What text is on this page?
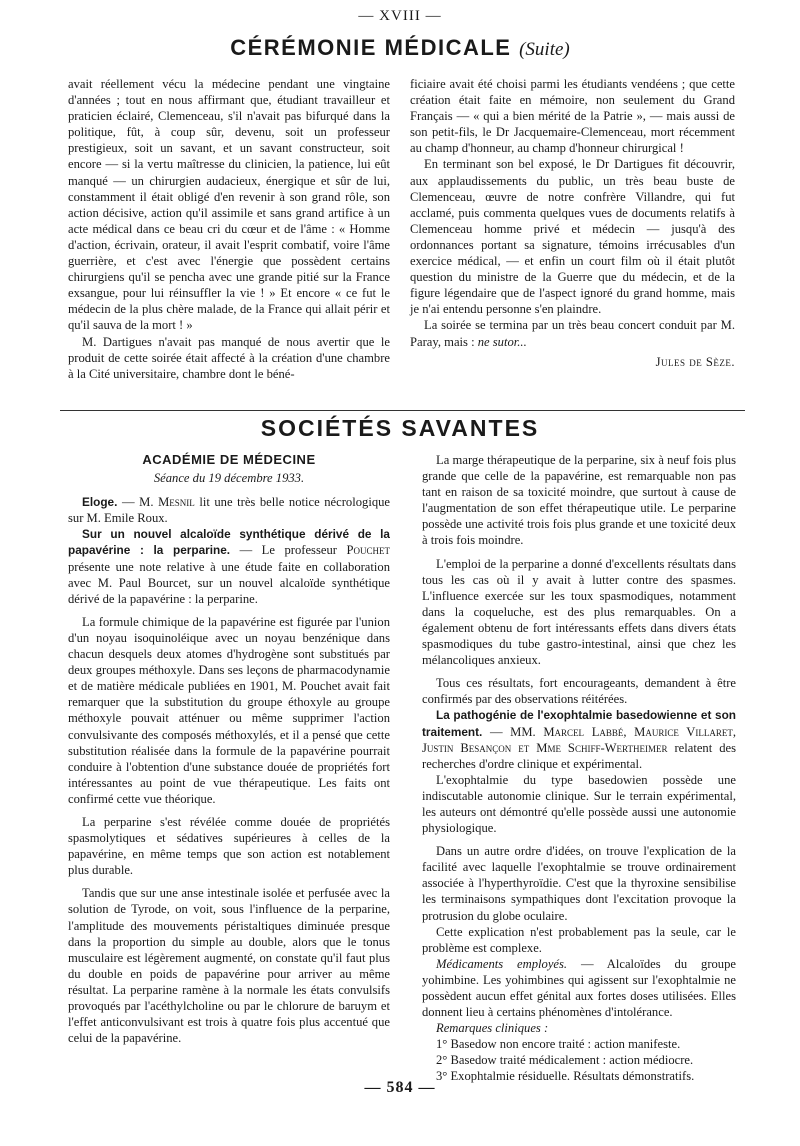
— XVIII —
CÉRÉMONIE MÉDICALE (Suite)

avait réellement vécu la médecine pendant une vingtaine d'années ; tout en nous affirmant que, étudiant travailleur et praticien éclairé, Clemenceau, s'il n'avait pas bifurqué dans la politique, fût, à coup sûr, devenu, soit un professeur prestigieux, soit un savant, et un savant constructeur, soit encore — si la vertu maîtresse du clinicien, la patience, lui eût manqué — un chirurgien audacieux, énergique et sûr de lui, constamment il était obligé d'en revenir à son grand rôle, son action décisive, action qu'il assimile et sans grand artifice à un acte médical dans ce beau cri du cœur et de l'âme : « Homme d'action, écrivain, orateur, il avait l'esprit combatif, voire l'âme guerrière, et c'est avec l'énergie que possèdent certains chirurgiens qu'il se pencha avec une grande pitié sur la France exsangue, pour lui réinsuffler la vie ! » Et encore « ce fut le médecin de la plus chère malade, de la France qui allait périr et qu'il sauva de la mort ! »

M. Dartigues n'avait pas manqué de nous avertir que le produit de cette soirée était affecté à la création d'une chambre à la Cité universitaire, chambre dont le béné-

ficiaire avait été choisi parmi les étudiants vendéens ; que cette création était faite en mémoire, non seulement du Grand Français — « qui a bien mérité de la Patrie », — mais aussi de son petit-fils, le Dr Jacquemaire-Clemenceau, mort récemment au champ d'honneur, au champ d'honneur chirurgical !

En terminant son bel exposé, le Dr Dartigues fit découvrir, aux applaudissements du public, un très beau buste de Clemenceau, œuvre de notre confrère Villandre, qui fut acclamé, puis commenta quelques vues de documents relatifs à Clemenceau homme privé et médecin — jusqu'à des ordonnances portant sa signature, témoins irrécusables d'un exercice médical, — et enfin un court film où il était plutôt question du ministre de la Guerre que du médecin, et de la figure légendaire que de l'aspect ignoré du grand homme, mais je n'ai entendu personne s'en plaindre.

La soirée se termina par un très beau concert conduit par M. Paray, mais : ne sutor...

Jules de Sèze.
SOCIÉTÉS SAVANTES
ACADÉMIE DE MÉDECINE
Séance du 19 décembre 1933.

Eloge. — M. Mesnil lit une très belle notice nécrologique sur M. Emile Roux.

Sur un nouvel alcaloïde synthétique dérivé de la papavérine : la perparine. — Le professeur Pouchet présente une note relative à une étude faite en collaboration avec M. Paul Bourcet, sur un nouvel alcaloïde synthétique dérivé de la papavérine : la perparine.

La formule chimique de la papavérine est figurée par l'union d'un noyau isoquinoléique avec un noyau benzénique dans chacun desquels deux atomes d'hydrogène sont substitués par deux groupes méthoxyle. Dans ses leçons de pharmacodynamie et de matière médicale publiées en 1901, M. Pouchet avait fait remarquer que la substitution du groupe éthoxyle au groupe méthoxyle pouvait atténuer ou même supprimer l'action convulsivante des composés méthoxylés, et il a pensé que cette substitution réalisée dans la formule de la papavérine pourrait conduire à l'obtention d'une substance douée de propriétés fort intéressantes au point de vue thérapeutique. Les faits ont confirmé cette vue théorique.

La perparine s'est révélée comme douée de propriétés spasmolytiques et sédatives supérieures à celles de la papavérine, en même temps que son action est notablement plus durable.

Tandis que sur une anse intestinale isolée et perfusée avec la solution de Tyrode, on voit, sous l'influence de la perparine, l'amplitude des mouvements péristaltiques diminuée presque dans la proportion du simple au double, alors que le tonus musculaire est légèrement augmenté, on constate qu'il faut plus du double en poids de papavérine pour arriver au même résultat. La perparine ramène à la normale les états convulsifs provoqués par l'acéthylcholine ou par le chlorure de baruym et l'effet anticonvulsivant est trois à quatre fois plus accentué que celui de la papavérine.

La marge thérapeutique de la perparine, six à neuf fois plus grande que celle de la papavérine, est remarquable non pas tant en raison de sa toxicité moindre, que surtout à cause de l'augmentation de son effet thérapeutique utile. Le perparine possède une activité trois fois plus grande et une toxicité deux à trois fois moindre.

L'emploi de la perparine a donné d'excellents résultats dans tous les cas où il y avait à lutter contre des spasmes. L'influence exercée sur les toux spasmodiques, notamment dans la coqueluche, est des plus remarquables. On a également obtenu de fort intéressants effets dans divers états spasmodiques du tube gastro-intestinal, ainsi que chez les mélancoliques anxieux.

Tous ces résultats, fort encourageants, demandent à être confirmés par des observations réitérées.

La pathogénie de l'exophtalmie basedowienne et son traitement. — MM. Marcel Labbé, Maurice Villaret, Justin Besançon et Mme Schiff-Wertheimer relatent des recherches d'ordre clinique et expérimental.

L'exophtalmie du type basedowien possède une indiscutable autonomie clinique. Sur le terrain expérimental, les auteurs ont démontré qu'elle possède aussi une autonomie physiologique.

Dans un autre ordre d'idées, on trouve l'explication de la facilité avec laquelle l'exophtalmie se trouve ordinairement associée à l'hyperthyroïdie. C'est que la thyroxine sensibilise les terminaisons sympathiques dont l'excitation provoque la protrusion du globe oculaire.

Cette explication n'est probablement pas la seule, car le problème est complexe.

Médicaments employés. — Alcaloïdes du groupe yohimbine. Les yohimbines qui agissent sur l'exophtalmie ne possèdent aucun effet génital aux fortes doses utilisées. Elles donnent lieu à certains phénomènes d'intolérance.

Remarques cliniques :

1° Basedow non encore traité : action manifeste.
2° Basedow traité médicalement : action médiocre.
3° Exophtalmie résiduelle. Résultats démonstratifs.
— 584 —
